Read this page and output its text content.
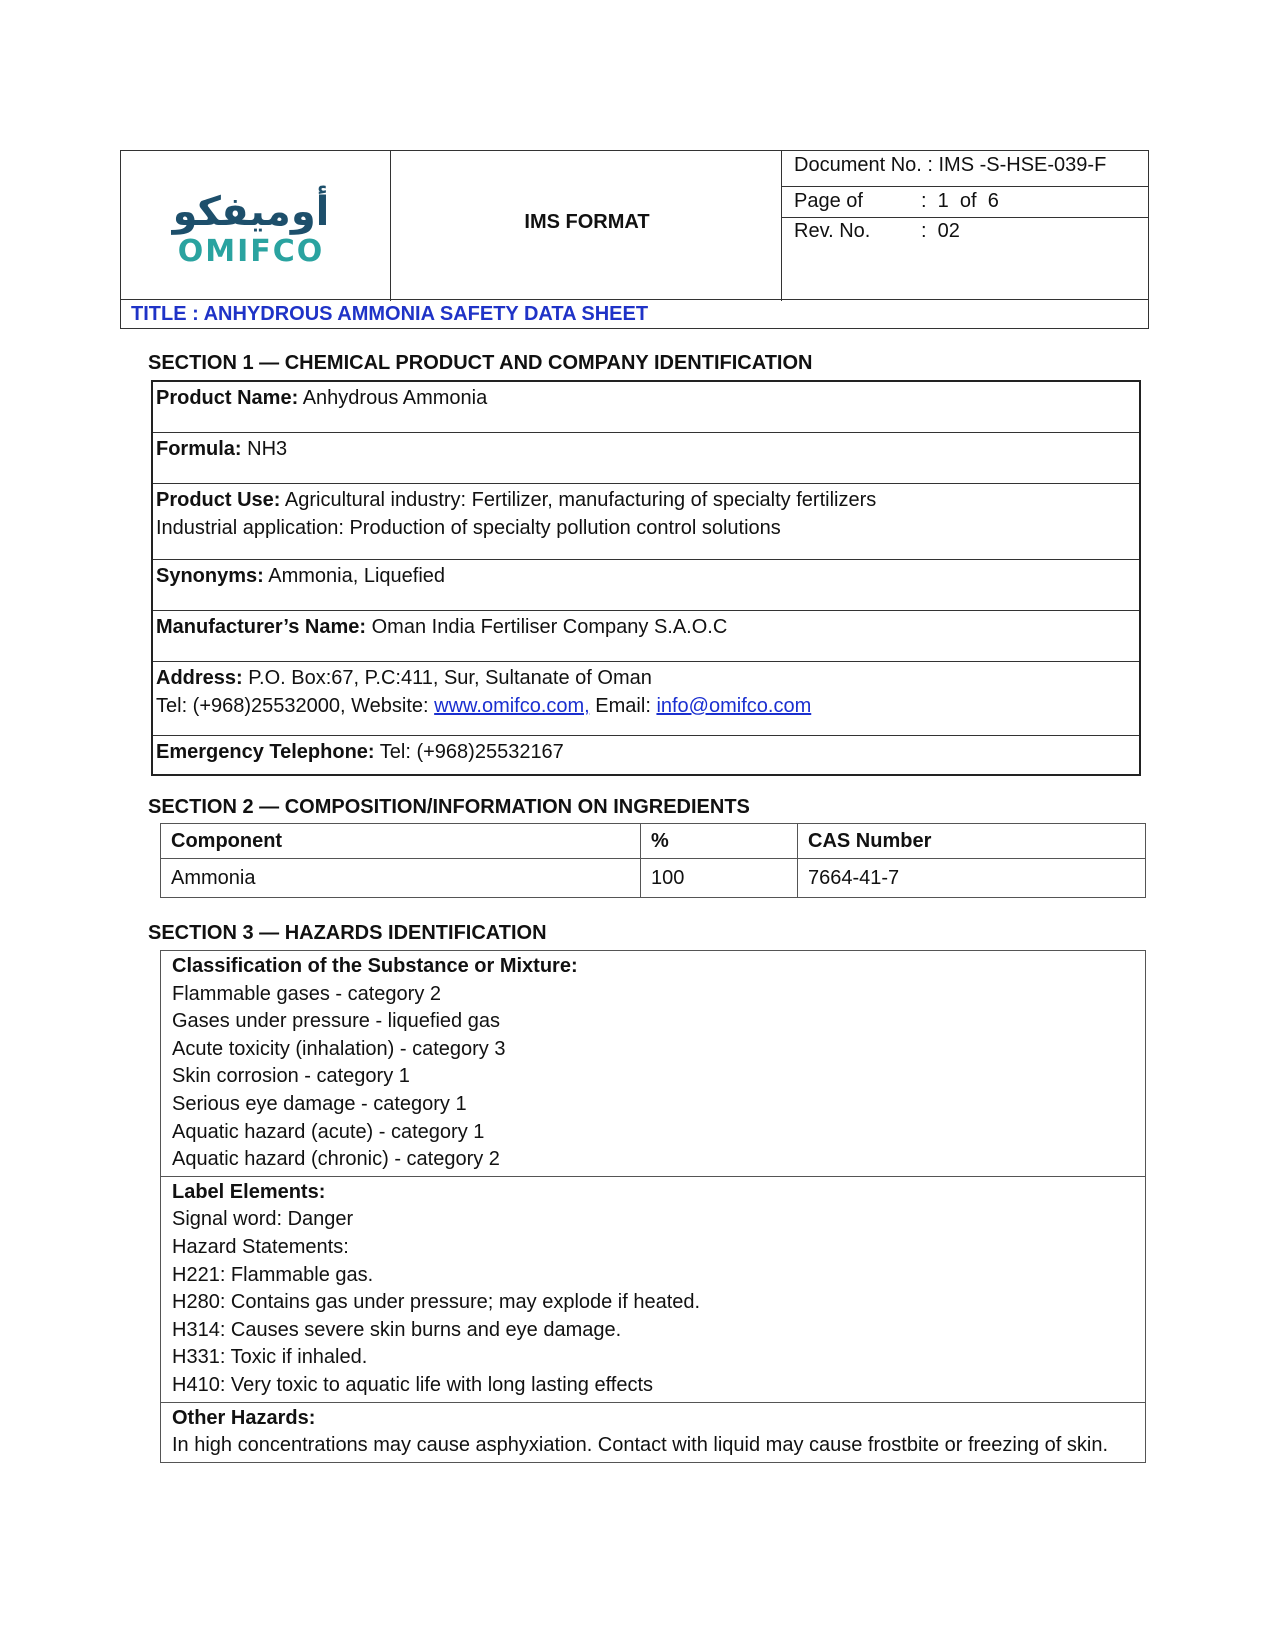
أوميفكو
OMIFCO
IMS FORMAT
Document No. : IMS -S-HSE-039-F
Page of	:  1  of  6
Rev. No.	:  02
TITLE : ANHYDROUS AMMONIA SAFETY DATA SHEET
SECTION 1 — CHEMICAL PRODUCT AND COMPANY IDENTIFICATION
Product Name: Anhydrous Ammonia
Formula: NH3
Product Use: Agricultural industry: Fertilizer, manufacturing of specialty fertilizers
Industrial application: Production of specialty pollution control solutions
Synonyms: Ammonia, Liquefied
Manufacturer’s Name: Oman India Fertiliser Company S.A.O.C
Address: P.O. Box:67, P.C:411, Sur, Sultanate of Oman
Tel: (+968)25532000, Website: www.omifco.com, Email: info@omifco.com
Emergency Telephone: Tel: (+968)25532167
SECTION 2 — COMPOSITION/INFORMATION ON INGREDIENTS
Component	%	CAS Number
Ammonia	100	7664-41-7
SECTION 3 — HAZARDS IDENTIFICATION
Classification of the Substance or Mixture:
Flammable gases - category 2
Gases under pressure - liquefied gas
Acute toxicity (inhalation) - category 3
Skin corrosion - category 1
Serious eye damage - category 1
Aquatic hazard (acute) - category 1
Aquatic hazard (chronic) - category 2
Label Elements:
Signal word: Danger
Hazard Statements:
H221: Flammable gas.
H280: Contains gas under pressure; may explode if heated.
H314: Causes severe skin burns and eye damage.
H331: Toxic if inhaled.
H410: Very toxic to aquatic life with long lasting effects
Other Hazards:
In high concentrations may cause asphyxiation. Contact with liquid may cause frostbite or freezing of skin.
